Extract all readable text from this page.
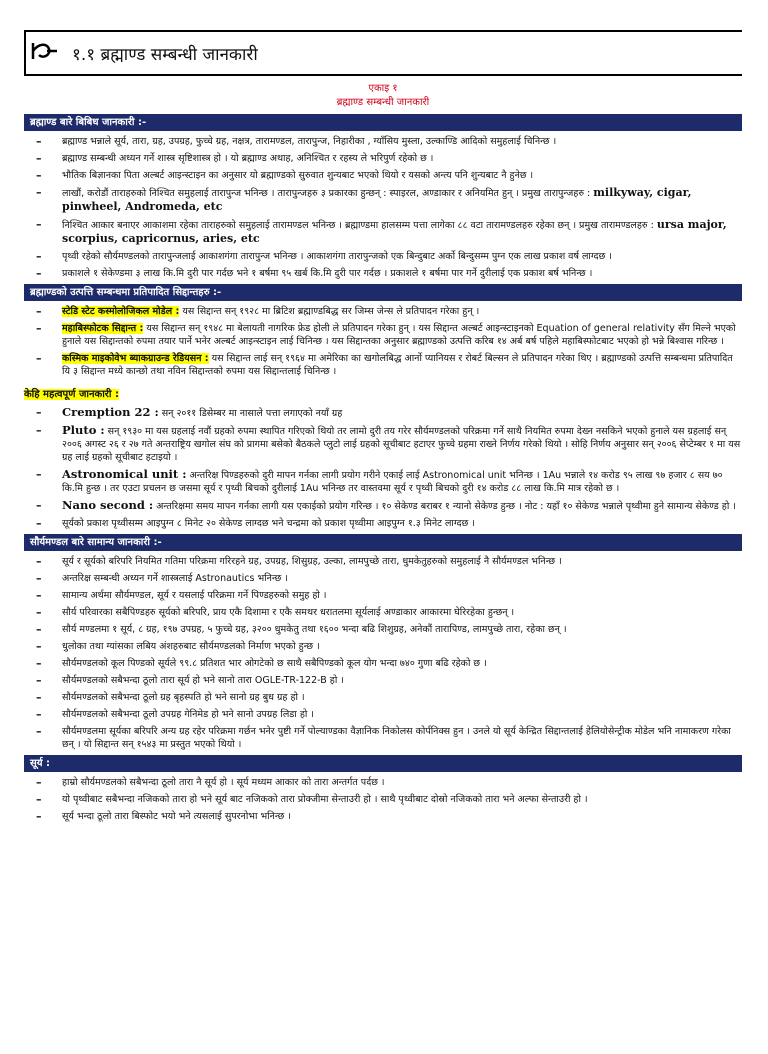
१.१ ब्रह्माण्ड सम्बन्धी जानकारी
एकाइ १
ब्रह्माण्ड सम्बन्धी जानकारी
ब्रह्माण्ड बारे बिबिध जानकारी :-
– ब्रह्माण्ड भन्नाले सूर्य, तारा, ग्रह, उपग्रह, फुच्चे ग्रह, नक्षत्र, तारामण्डल, तारापुन्ज, निहारीका , ग्याँसिय मुस्ला, उल्काण्डि आदिको समुहलाई चिनिन्छ ।
– ब्रह्माण्ड सम्बन्धी अध्यन गर्ने शास्त्र सृष्टिशास्त्र हो । यो ब्रह्माण्ड अथाह, अनिश्चित र रहस्य ले भरिपुर्ण रहेको छ ।
– भौतिक बिज्ञानका पिता अल्बर्ट आइन्स्टाइन का अनुसार यो ब्रह्माण्डको सुरुवात शुन्यबाट भएको थियो र यसको अन्त्य पनि शुन्यबाट नै हुनेछ ।
– लाखौं, करोडौं ताराहरुको निश्चित समुहलाई तारापुन्ज भनिन्छ । तारापुन्जहरु ३ प्रकारका हुन्छन् : स्पाइरल, अण्डाकार र अनियमित हुन् । प्रमुख तारापुन्जहरु : milkyway, cigar, pinwheel, Andromeda, etc
– निश्चित आकार बनाएर आकाशमा रहेका ताराहरुको समुहलाई तारामण्डल भनिन्छ । ब्रह्माण्डमा हालसम्म पत्ता लागेका ८८ वटा तारामण्डलहरु रहेका छन् । प्रमुख तारामण्डलहरु : ursa major, scorpius, capricornus, aries, etc
– पृथ्वी रहेको सौर्यमण्डलको तारापुन्जलाई आकाशगंगा तारापुन्ज भनिन्छ । आकाशगंगा तारापुन्जको एक बिन्दुबाट अर्को बिन्दुसम्म पुग्न एक लाख प्रकाश वर्ष लाग्दछ ।
– प्रकाशले १ सेकेण्डमा ३ लाख कि.मि दुरी पार गर्दछ भने १ बर्षमा ९५ खर्ब कि.मि दुरी पार गर्दछ । प्रकाशले १ बर्षमा पार गर्ने दुरीलाई एक प्रकाश बर्ष भनिन्छ ।
ब्रह्माण्डको उत्पत्ति सम्बन्धमा प्रतिपादित सिद्दान्तहरु :-
– स्टेडि स्टेट कस्मोलोजिकल मोडेल : यस सिद्दान्त सन् १९२८ मा ब्रिटिश ब्रह्माण्डबिद्ध सर जिम्स जेन्स ले प्रतिपादन गरेका हुन् ।
– महाबिस्फोटक सिद्दान्त : यस सिद्दान्त सन् १९४८ मा बेलायती नागरिक फ्रेड होली ले प्रतिपादन गरेका हुन् । यस सिद्दान्त अल्बर्ट आइन्स्टाइनको Equation of general relativity सँग मिल्ने भएको हुनाले यस सिद्दान्तको रुपमा तयार पार्ने भनेर अल्बर्ट आइन्स्टाइन लाई चिनिन्छ । यस सिद्दान्तका अनुसार ब्रह्माण्डको उत्पत्ति करिब १४ अर्ब बर्ष पहिले महाबिस्फोटबाट भएको हो भन्ने बिश्वास गरिन्छ ।
– कस्मिक माइकोवेभ ब्याकग्राउन्ड रेडियसन : यस सिद्दान्त लाई सन् १९६४ मा अमेरिका का खगोलबिद्ध आर्नो प्यानियस र रोबर्ट बिल्सन ले प्रतिपादन गरेका थिए । ब्रह्माण्डको उत्पत्ति सम्बन्धमा प्रतिपादित यि ३ सिद्दान्त मध्ये कान्छो तथा नविन सिद्दान्तको रुपमा यस सिद्दान्तलाई चिनिन्छ ।
केहि महत्वपूर्ण जानकारी :
– Cremption 22 : सन् २०११ डिसेम्बर मा नासाले पत्ता लगाएको नयाँ ग्रह
– Pluto : सन् १९३० मा यस ग्रहलाई नवौं ग्रहको रुपमा स्थापित गरिएको थियो तर लामो दुरी तय गरेर सौर्यमण्डलको परिक्रमा गर्ने साथै नियमित रुपमा देख्न नसकिने भएको हुनाले यस ग्रहलाई सन् २००६ अगस्ट २६ र २७ गते अन्तराष्ट्रिय खगोल संघ को प्रागमा बसेको बैठकले प्लुटो लाई ग्रहको सूचीबाट हटाएर फुच्चे ग्रहमा राख्ने निर्णय गरेको थियो । सोहि निर्णय अनुसार सन् २००६ सेप्टेम्बर १ मा यस ग्रह लाई ग्रहको सूचीबाट हटाइयो ।
– Astronomical unit : अन्तरिक्ष पिण्डहरुको दुरी मापन गर्नका लागी प्रयोग गरीने एकाई लाई Astronomical unit भनिन्छ । 1Au भन्नाले १४ करोड ९५ लाख ९७ हजार ८ सय ७० कि.मि हुन्छ । तर एउटा प्रचलन छ जसमा सूर्य र पृथ्वी बिचको दुरीलाई 1Au भनिन्छ तर वास्तवमा सूर्य र पृथ्वी बिचको दुरी १४ करोड ८८ लाख कि.मि मात्र रहेको छ ।
– Nano second : अन्तरिक्षमा समय मापन गर्नका लागी यस एकाईको प्रयोग गरिन्छ । १० सेकेण्ड बराबर १ न्यानो सेकेण्ड हुन्छ । नोट : यहाँ १० सेकेण्ड भन्नाले पृथ्वीमा हुने सामान्य सेकेण्ड हो ।
– सूर्यको प्रकाश पृथ्वीसम्म आइपुग्न ८ मिनेट २० सेकेण्ड लाग्दछ भने चन्द्रमा को प्रकाश पृथ्वीमा आइपुग्न १.३ मिनेट लाग्दछ ।
सौर्यमण्डल बारे सामान्य जानकारी :-
– सूर्य र सूर्यको बरिपरि नियमित गतिमा परिक्रमा गरिरहने ग्रह, उपग्रह, शिसुग्रह, उल्का, लामपुच्छे तारा, धुमकेतुहरुको समुहलाई नै सौर्यमण्डल भनिन्छ ।
– अन्तरिक्ष सम्बन्धी अध्यन गर्ने शास्त्रलाई Astronautics भनिन्छ ।
– सामान्य अर्थमा सौर्यमण्डल, सूर्य र यसलाई परिक्रमा गर्ने पिण्डहरुको समुह हो ।
– सौर्य परिवारका सबैपिण्डहरु सूर्यको बरिपरि, प्राय एकै दिशामा र एकै समथर धरातलमा सूर्यलाई अण्डाकार आकारमा घेरिरहेका हुन्छन् ।
– सौर्य मण्डलमा १ सूर्य, ८ ग्रह, १९७ उपग्रह, ५ फुच्चे ग्रह, ३२०० धुमकेतु तथा १६०० भन्दा बढि शिशुग्रह, अनेकौं तारापिण्ड, लामपुच्छे तारा, रहेका छन् ।
– धुलोका तथा ग्यांसका लबिय अंशहरुबाट सौर्यमण्डलको निर्माण भएको हुन्छ ।
– सौर्यमण्डलको कूल पिण्डको सूर्यले ९९.८ प्रतिशत भार ओगटेको छ साथै सबैपिण्डको कूल योग भन्दा ७४० गुणा बढि रहेको छ ।
– सौर्यमण्डलको सबैभन्दा ठूलो तारा सूर्य हो भने सानो तारा OGLE-TR-122-B हो ।
– सौर्यमण्डलको सबैभन्दा ठूलो ग्रह बृहस्पति हो भने सानो ग्रह बुध ग्रह हो ।
– सौर्यमण्डलको सबैभन्दा ठूलो उपग्रह गेनिमेड हो भने सानो उपग्रह लिडा हो ।
– सौर्यमण्डलमा सूर्यका बरिपरि अन्य ग्रह रहेर परिक्रमा गर्छन भनेर पुष्टी गर्ने पोल्याण्डका वैज्ञानिक निकोलस कोर्पनिक्स हुन । उनले यो सूर्य केन्द्रित सिद्दान्तलाई हेलियोसेन्ट्रीक मोडेल भनि नामाकरण गरेका छन् । यो सिद्दान्त सन् १५४३ मा प्रस्तुत भएको थियो ।
सूर्य :
– हाम्रो सौर्यमण्डलको सबैभन्दा ठूलो तारा नै सूर्य हो । सूर्य मध्यम आकार को तारा अन्तर्गत पर्दछ ।
– यो पृथ्वीबाट सबैभन्दा नजिकको तारा हो भने सूर्य बाट नजिकको तारा प्रोक्जीमा सेन्ताउरी हो । साथै पृथ्वीबाट दोस्रो नजिकको तारा भने अल्फा सेन्ताउरी हो ।
– सूर्य भन्दा ठूलो तारा बिस्फोट भयो भने त्यसलाई सुपरनोभा भनिन्छ ।
